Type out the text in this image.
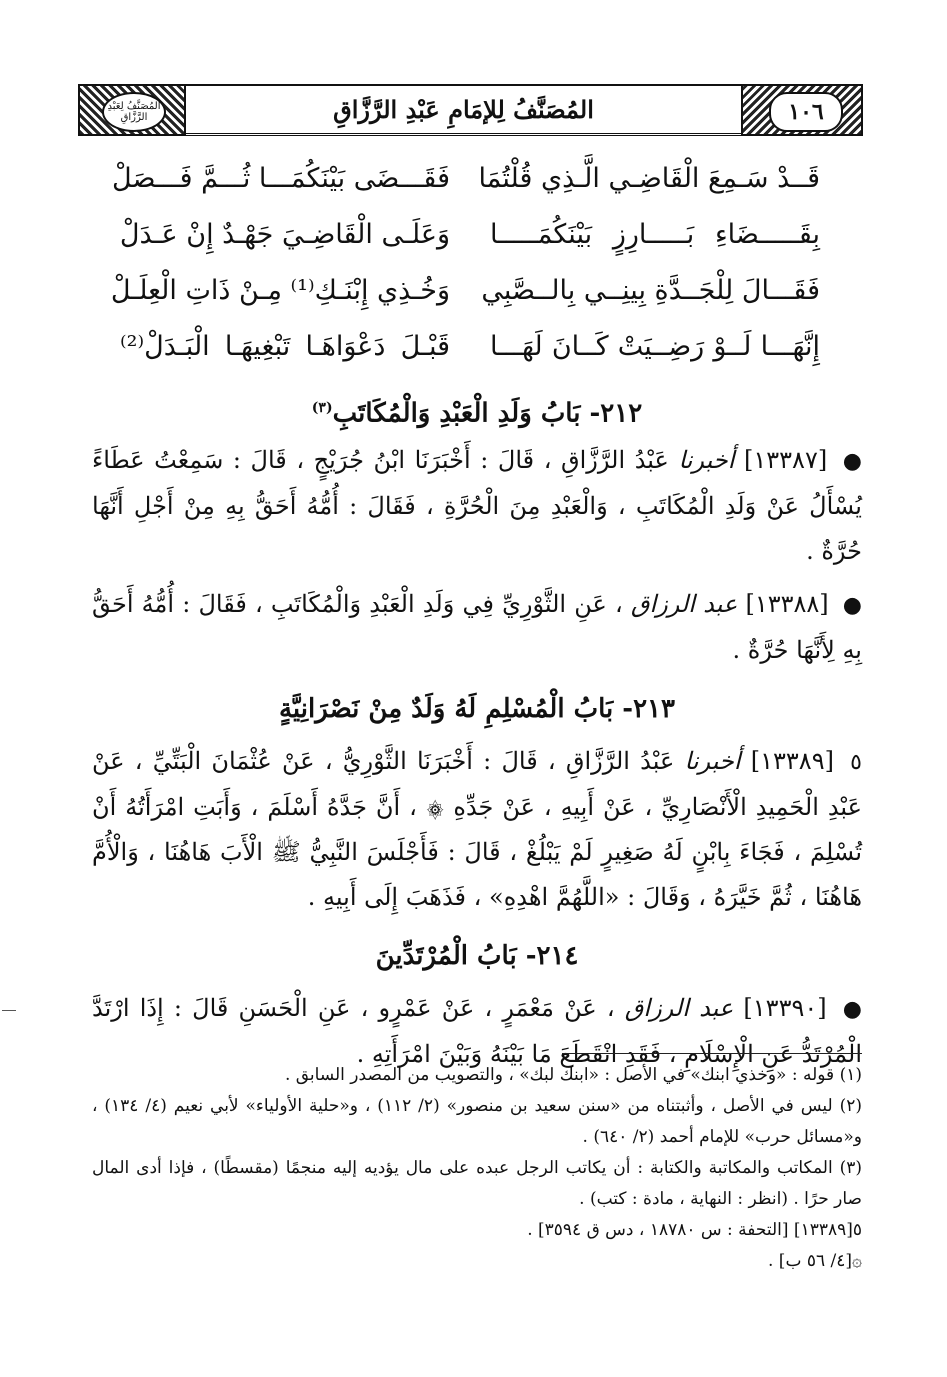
المُصَنَّفُ لِعَبْدِ الرَّزَّاقِ	المُصَنَّفُ لِلإمَامِ عَبْدِ الرَّزَّاقِ	١٠٦
قَــدْ سَـمِعَ الْقَاضِـي الَّـذِي قُلْتُمَا
فَقَـــضَى بَيْنَكُمَـــا ثُـــمَّ فَـــصَلْ
بِقَـــــضَاءِ بَـــــارِزٍ بَيْنَكُمَـــــا
وَعَلَـى الْقَاضِـيَ جَهْـدٌ إِنْ عَـدَلْ
فَقَـــالَ لِلْجَــدَّةِ بِينِــي بِالــصَّبِي
وَخُـذِي إِبْنَـكِ⁽¹⁾ مِـنْ ذَاتِ الْعِلَـلْ
إِنَّهَـــا لَــوْ رَضِــيَتْ كَــانَ لَهَـــا
قَبْـلَ دَعْوَاهَـا تَبْغِيهَـا الْبَـدَلْ⁽²⁾
٢١٢- بَابُ وَلَدِ الْعَبْدِ وَالْمُكَاتَبِ$^{(٣)}$

● [١٣٣٨٧] أخبرنا عَبْدُ الرَّزَّاقِ ، قَالَ : أَخْبَرَنَا ابْنُ جُرَيْجٍ ، قَالَ : سَمِعْتُ عَطَاءً يُسْأَلُ عَنْ وَلَدِ الْمُكَاتَبِ ، وَالْعَبْدِ مِنَ الْحُرَّةِ ، فَقَالَ : أُمُّهُ أَحَقُّ بِهِ مِنْ أَجْلِ أَنَّهَا حُرَّةٌ .

● [١٣٣٨٨] عبد الرزاق ، عَنِ الثَّوْرِيِّ فِي وَلَدِ الْعَبْدِ وَالْمُكَاتَبِ ، فَقَالَ : أُمُّهُ أَحَقُّ بِهِ لِأَنَّهَا حُرَّةٌ .

٢١٣- بَابُ الْمُسْلِمِ لَهُ وَلَدٌ مِنْ نَصْرَانِيَّةٍ

٥ [١٣٣٨٩] أخبرنا عَبْدُ الرَّزَّاقِ ، قَالَ : أَخْبَرَنَا الثَّوْرِيُّ ، عَنْ عُثْمَانَ الْبَتِّيِّ ، عَنْ عَبْدِ الْحَمِيدِ الْأَنْصَارِيِّ ، عَنْ أَبِيهِ ، عَنْ جَدِّهِ ۞ ، أَنَّ جَدَّهُ أَسْلَمَ ، وَأَبَتِ امْرَأَتُهُ أَنْ تُسْلِمَ ، فَجَاءَ بِابْنٍ لَهُ صَغِيرٍ لَمْ يَبْلُغْ ، قَالَ : فَأَجْلَسَ النَّبِيُّ ﷺ الْأَبَ هَاهُنَا ، وَالْأُمَّ هَاهُنَا ، ثُمَّ خَيَّرَهُ ، وَقَالَ : «اللَّهُمَّ اهْدِهِ» ، فَذَهَبَ إِلَى أَبِيهِ .

٢١٤- بَابُ الْمُرْتَدِّينَ

● [١٣٣٩٠] عبد الرزاق ، عَنْ مَعْمَرٍ ، عَنْ عَمْرٍو ، عَنِ الْحَسَنِ قَالَ : إِذَا ارْتَدَّ الْمُرْتَدُّ عَنِ الْإِسْلَامِ ، فَقَدِ انْقَطَعَ مَا بَيْنَهُ وَبَيْنَ امْرَأَتِهِ .

(١) قوله : «وخذي ابنك» في الأصل : «ابنك لبك» ، والتصويب من المصدر السابق .

(٢) ليس في الأصل ، وأثبتناه من «سنن سعيد بن منصور» (٢/ ١١٢) ، و«حلية الأولياء» لأبي نعيم (٤/ ١٣٤) ، و«مسائل حرب» للإمام أحمد (٢/ ٦٤٠) .

(٣) المكاتب والمكاتبة والكتابة : أن يكاتب الرجل عبده على مال يؤديه إليه منجمًا (مقسطًا) ، فإذا أدى المال صار حرًا . (انظر : النهاية ، مادة : كتب) .

٥[١٣٣٨٩] [التحفة : س ١٨٧٨٠ ، دس ق ٣٥٩٤] .

۞[٤/ ٥٦ ب] .
